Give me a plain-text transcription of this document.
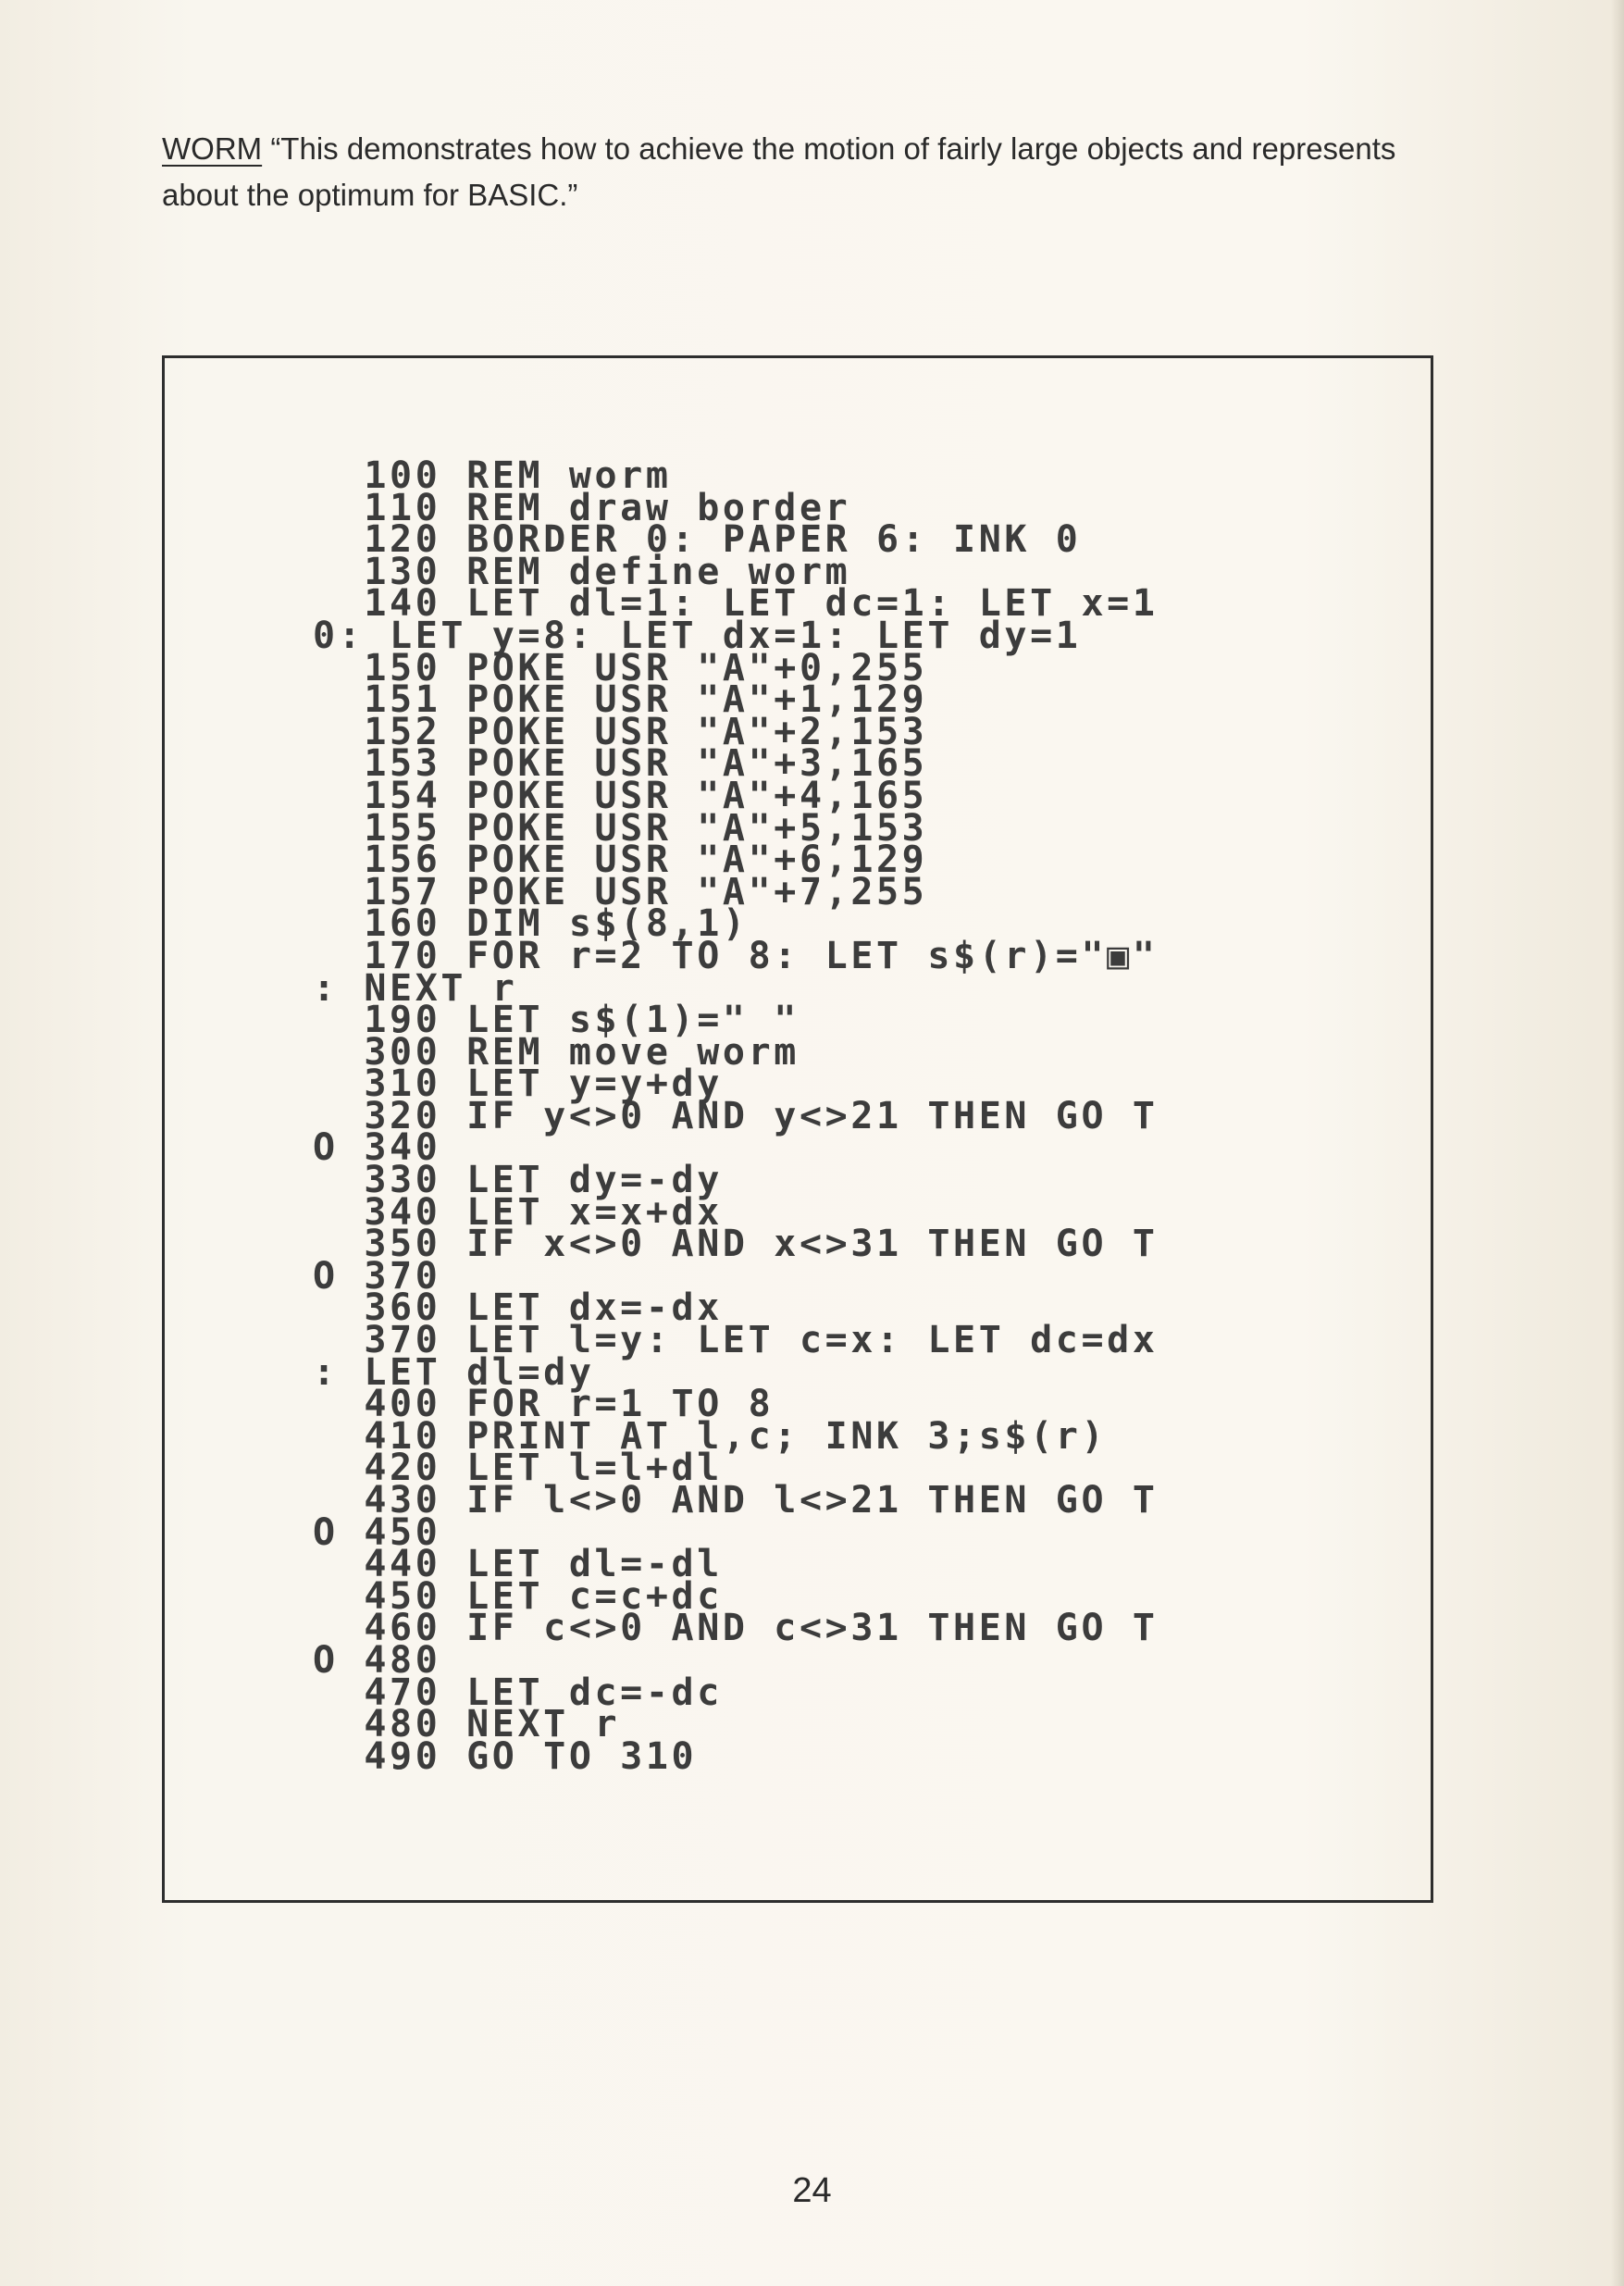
WORM “This demonstrates how to achieve the motion of fairly large objects and represents about the optimum for BASIC.”
100 REM worm
110 REM draw border
120 BORDER 0: PAPER 6: INK 0
130 REM define worm
140 LET dl=1: LET dc=1: LET x=1
0: LET y=8: LET dx=1: LET dy=1
150 POKE USR "A"+0,255
151 POKE USR "A"+1,129
152 POKE USR "A"+2,153
153 POKE USR "A"+3,165
154 POKE USR "A"+4,165
155 POKE USR "A"+5,153
156 POKE USR "A"+6,129
157 POKE USR "A"+7,255
160 DIM s$(8,1)
170 FOR r=2 TO 8: LET s$(r)="▣"
: NEXT r
190 LET s$(1)=" "
300 REM move worm
310 LET y=y+dy
320 IF y<>0 AND y<>21 THEN GO T
O 340
330 LET dy=-dy
340 LET x=x+dx
350 IF x<>0 AND x<>31 THEN GO T
O 370
360 LET dx=-dx
370 LET l=y: LET c=x: LET dc=dx
: LET dl=dy
400 FOR r=1 TO 8
410 PRINT AT l,c; INK 3;s$(r)
420 LET l=l+dl
430 IF l<>0 AND l<>21 THEN GO T
O 450
440 LET dl=-dl
450 LET c=c+dc
460 IF c<>0 AND c<>31 THEN GO T
O 480
470 LET dc=-dc
480 NEXT r
490 GO TO 310
24
